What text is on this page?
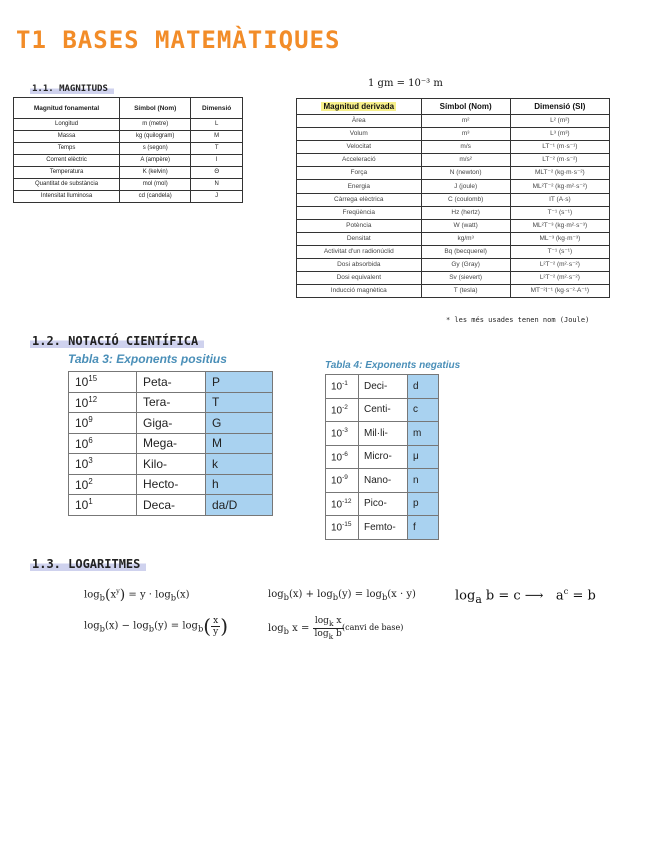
T1 BASES MATEMÀTIQUES
1.1. MAGNITUDS	1 gm = 10⁻³ m
Magnitud fonamental	Símbol (Nom)	Dimensió
Longitud	m (metre)	L
Massa	kg (quilogram)	M
Temps	s (segon)	T
Corrent elèctric	A (ampère)	I
Temperatura	K (kelvin)	Θ
Quantitat de substància	mol (mol)	N
Intensitat lluminosa	cd (candela)	J
Magnitud derivada	Símbol (Nom)	Dimensió (SI)
Àrea	m²	L² (m²)
Volum	m³	L³ (m³)
Velocitat	m/s	LT⁻¹ (m·s⁻¹)
Acceleració	m/s²	LT⁻² (m·s⁻²)
Força	N (newton)	MLT⁻² (kg·m·s⁻²)
Energia	J (joule)	ML²T⁻² (kg·m²·s⁻²)
Càrrega elèctrica	C (coulomb)	IT (A·s)
Freqüència	Hz (hertz)	T⁻¹ (s⁻¹)
Potència	W (watt)	ML²T⁻³ (kg·m²·s⁻³)
Densitat	kg/m³	ML⁻³ (kg·m⁻³)
Activitat d'un radionúclid	Bq (becquerel)	T⁻¹ (s⁻¹)
Dosi absorbida	Gy (Gray)	L²T⁻² (m²·s⁻²)
Dosi equivalent	Sv (sievert)	L²T⁻² (m²·s⁻²)
Inducció magnètica	T (tesla)	MT⁻²I⁻¹ (kg·s⁻²·A⁻¹)
* les més usades tenen nom (Joule)
1.2. NOTACIÓ CIENTÍFICA
Tabla 3: Exponents positius
$10^{15}$	Peta-	P
$10^{12}$	Tera-	T
$10^9$	Giga-	G
$10^6$	Mega-	M
$10^3$	Kilo-	k
$10^2$	Hecto-	h
$10^1$	Deca-	da/D
Tabla 4: Exponents negatius
$10^{-1}$	Deci-	d
$10^{-2}$	Centi-	c
$10^{-3}$	Mil·li-	m
$10^{-6}$	Micro-	μ
$10^{-9}$	Nano-	n
$10^{-12}$	Pico-	p
$10^{-15}$	Femto-	f
1.3. LOGARITMES
$\log_b(x^y) = y \cdot \log_b(x)$	$\log_b(x) + \log_b(y) = \log_b(x \cdot y)$	$\log_a b = c$ ⟶   $a^c = b$
$\log_b(x) - \log_b(y) = \log_b( \frac{x}{y}$ )	$\log_b x = \frac{\log_k x}{\log_k b}$
(canvi de base)
